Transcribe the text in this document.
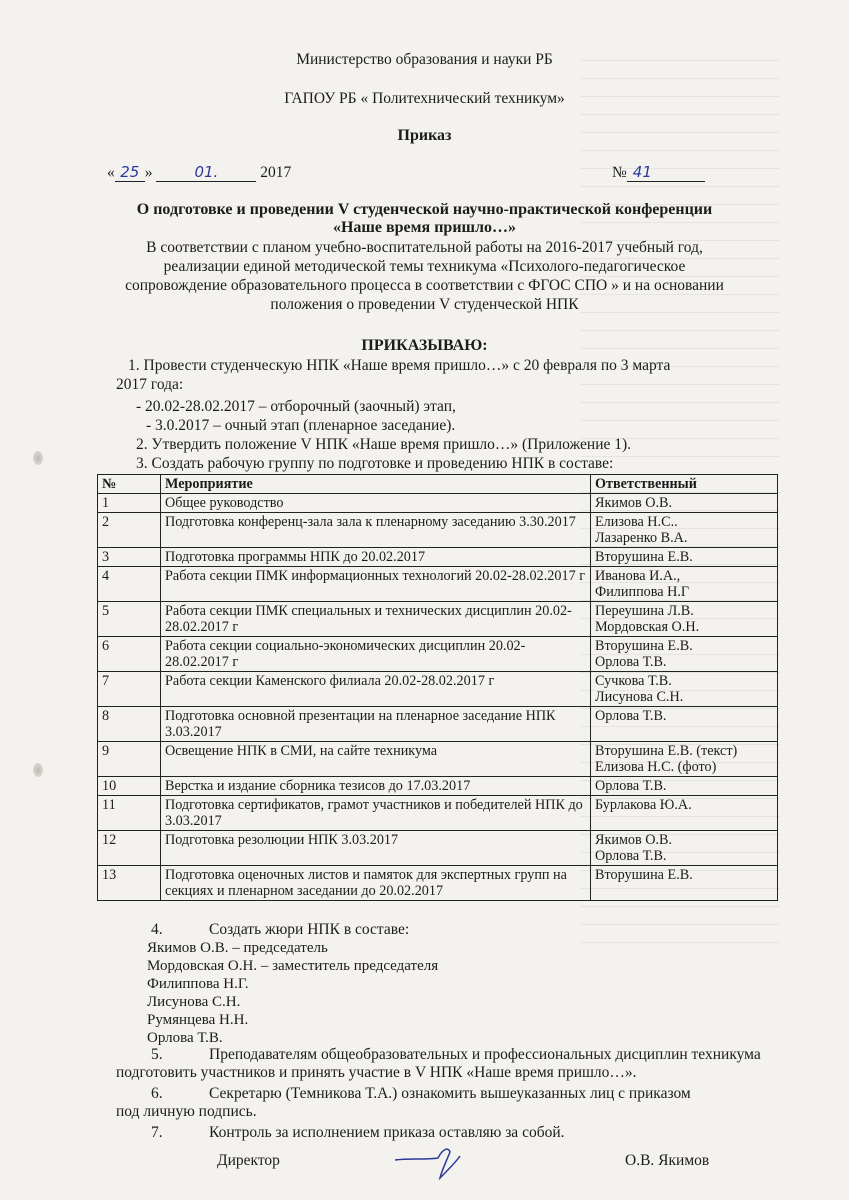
Министерство образования и науки РБ
ГАПОУ РБ « Политехнический техникум»
Приказ
« 25 »	01.	2017	№ 41
О подготовке и проведении V студенческой научно-практической конференции
«Наше время пришло…»
В соответствии с планом учебно-воспитательной работы на 2016-2017 учебный год,
реализации единой методической темы техникума «Психолого-педагогическое
сопровождение образовательного процесса в соответствии с ФГОС СПО » и на основании
положения о проведении V студенческой НПК
ПРИКАЗЫВАЮ:
1. Провести студенческую НПК «Наше время пришло…» с 20 февраля по 3 марта
2017 года:
- 20.02-28.02.2017 – отборочный (заочный) этап,
- 3.0.2017 – очный этап (пленарное заседание).
2. Утвердить положение V НПК «Наше время пришло…» (Приложение 1).
3. Создать рабочую группу по подготовке и проведению НПК в составе:
№	Мероприятие	Ответственный
1	Общее руководство	Якимов О.В.
2	Подготовка конференц-зала зала к пленарному заседанию 3.30.2017	Елизова Н.С..
Лазаренко В.А.
3	Подготовка программы НПК до 20.02.2017	Вторушина Е.В.
4	Работа секции ПМК информационных технологий 20.02-28.02.2017 г	Иванова И.А.,
Филиппова Н.Г
5	Работа секции ПМК специальных и технических дисциплин 20.02-28.02.2017 г	Переушина Л.В.
Мордовская О.Н.
6	Работа секции социально-экономических дисциплин 20.02-28.02.2017 г	Вторушина Е.В.
Орлова Т.В.
7	Работа секции Каменского филиала 20.02-28.02.2017 г	Сучкова Т.В.
Лисунова С.Н.
8	Подготовка основной презентации на пленарное заседание НПК 3.03.2017	Орлова Т.В.
9	Освещение НПК в СМИ, на сайте техникума	Вторушина Е.В. (текст)
Елизова Н.С. (фото)
10	Верстка и издание сборника тезисов до 17.03.2017	Орлова Т.В.
11	Подготовка сертификатов, грамот участников и победителей НПК до 3.03.2017	Бурлакова Ю.А.
12	Подготовка резолюции НПК 3.03.2017	Якимов О.В.
Орлова Т.В.
13	Подготовка оценочных листов и памяток для экспертных групп на секциях и пленарном заседании до 20.02.2017	Вторушина Е.В.
4.	Создать жюри НПК в составе:
Якимов О.В. – председатель
Мордовская О.Н. – заместитель председателя
Филиппова Н.Г.
Лисунова С.Н.
Румянцева Н.Н.
Орлова Т.В.
5.	Преподавателям общеобразовательных и профессиональных дисциплин техникума
подготовить участников и принять участие в V НПК «Наше время пришло…».
6.	Секретарю (Темникова Т.А.) ознакомить вышеуказанных лиц с приказом
под личную подпись.
7.	Контроль за исполнением приказа оставляю за собой.
Директор	О.В. Якимов
